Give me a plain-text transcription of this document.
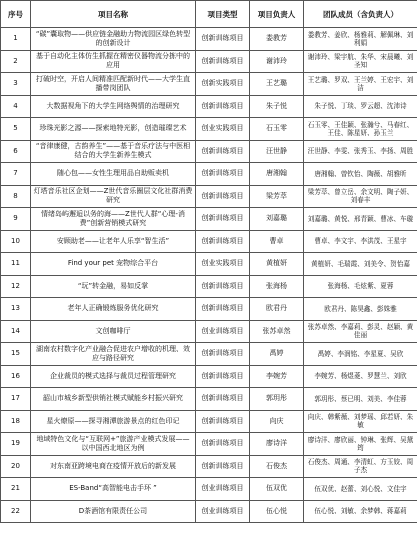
序号	项目名称	项目类型	项目负责人	团队成员（含负责人）
1	“碳”囊取物——供应链金融助力物流园区绿色转型的创新设计	创新训练项目	娄教芳	娄教芳、姜欣、杨雅莉、解佩琳、刘利娟
2	基于自动化主体仿生抓握在精密仪器物流分拣中的应用	创新训练项目	谢沛玲	谢沛玲、梁宇航、朱华、宋晨曦、刘圣知
3	打破时空，开启人间精准匹配新时代——大学生直播带岗团队	创新实践项目	王艺璐	王艺璐、罗双、王兰婷、王宏宇、刘洁
4	大数据视角下的大学生网络舆情的治理研究	创新训练项目	朱子悦	朱子悦、丁琰、罗云超、沈沛诗
5	珍珠光影之源——探索地特光影，创造璀璨艺术	创业实践项目	石玉零	石玉零、王佳颖、张瀚兮、马春红、王佳、陈星妍、孙玉兰
6	“音律康健，古韵养生”——基于音乐疗法与中医相结合的大学生新养生模式	创新训练项目	汪世静	汪世静、李雯、张秀玉、李扬、周胜
7	随心包——女性生理用品自助贩卖机	创新训练项目	唐湘翰	唐湘翰、曾钦怡、陶薇、胡雅昕
8	灯塔音乐社区企划——Z世代音乐圈层文化社群消费研究	创新训练项目	梁芳萃	梁芳萃、曾立岳、余文明、陶子妍、刘春丰
9	情绪岛屿邂逅以务的海——Z世代人群“心理-消费”创新营销模式研究	创新训练项目	刘嘉璐	刘嘉璐、黄悦、邢青颖、曹冰、车璇
10	安顾助老——让老年人乐享“智生活”	创新训练项目	曹卓	曹卓、李文宇、李洪茂、王星宇
11	Find your pet 宠物综合平台	创业实践项目	黄植妍	黄植妍、毛瑞霞、刘美令、贺怡嘉
12	“玩”转金融，易如反掌	创新训练项目	张海杨	张海杨、毛炫紫、夏蓉
13	老年人正确锻炼服务优化研究	创新训练项目	欧君丹	欧君丹、陈昊鑫、彭姝雅
14	文创咖啡厅	创业训练项目	张苏卓然	张苏卓然、李嘉莉、彭灵、赵颖、黄佳丽
15	湖南农村数字化产业融合促进农户增收的机理、效应与路径研究	创新训练项目	禹婷	禹婷、李润铭、李星夏、吴欣
16	企业裁员的模式选择与裁员过程管理研究	创新训练项目	李婉芳	李婉芳、杨煜菱、罗慧兰、刘欣
17	韶山市城乡新型供销社模式赋能乡村振兴研究	创新训练项目	郭玥彤	郭玥彤、蔡已明、刘美、李佳蓉
18	星火燎原——探寻湘潭旅游景点的红色印记	创新训练项目	向庆	向庆、韩紫薇、刘梦瑶、邱若妍、朱敏
19	地域特色文化与“互联网+”旅游产业模式发展——以中国西北地区为例	创新训练项目	廖诗洋	廖诗洋、廖欣丽、钟琳、张辉、吴黛筠
20	对东南亚跨境电商在疫情开放后的新发展	创新训练项目	石俊杰	石俊杰、周通、李清虹、方玉姣、周子杰
21	ES-Band“高智能电击手环 ”	创业训练项目	伍双优	伍双优、赵蕾、刘心悦、文佳宇
22	D茶酒馆有限责任公司	创业训练项目	伍心悦	伍心悦、刘敏、余梦韩、蒋嘉莉
